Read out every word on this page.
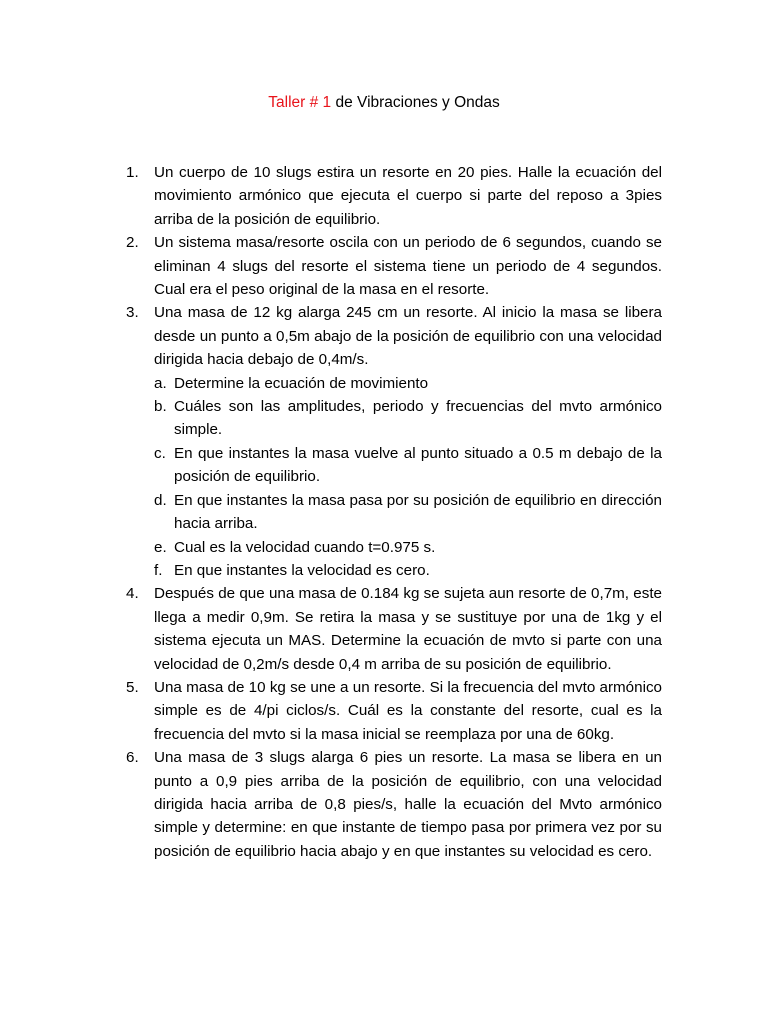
Taller # 1 de Vibraciones y Ondas
1. Un cuerpo de 10 slugs estira un resorte en 20 pies. Halle la ecuación del movimiento armónico que ejecuta el cuerpo si parte del reposo a 3pies arriba de la posición de equilibrio.
2. Un sistema masa/resorte oscila con un periodo de 6 segundos, cuando se eliminan 4 slugs del resorte el sistema tiene un periodo de 4 segundos. Cual era el peso original de la masa en el resorte.
3. Una masa de 12 kg alarga 245 cm un resorte. Al inicio la masa se libera desde un punto a 0,5m abajo de la posición de equilibrio con una velocidad dirigida hacia debajo de 0,4m/s.
a. Determine la ecuación de movimiento
b. Cuáles son las amplitudes, periodo y frecuencias del mvto armónico simple.
c. En que instantes la masa vuelve al punto situado a 0.5 m debajo de la posición de equilibrio.
d. En que instantes la masa pasa por su posición de equilibrio en dirección hacia arriba.
e. Cual es la velocidad cuando t=0.975 s.
f. En que instantes la velocidad es cero.
4. Después de que una masa de 0.184 kg se sujeta aun resorte de 0,7m, este llega a medir 0,9m. Se retira la masa y se sustituye por una de 1kg y el sistema ejecuta un MAS. Determine la ecuación de mvto si parte con una velocidad de 0,2m/s desde 0,4 m arriba de su posición de equilibrio.
5. Una masa de 10 kg se une a un resorte. Si la frecuencia del mvto armónico simple es de 4/pi ciclos/s. Cuál es la constante del resorte, cual es la frecuencia del mvto si la masa inicial se reemplaza por una de 60kg.
6. Una masa de 3 slugs alarga 6 pies un resorte. La masa se libera en un punto a 0,9 pies arriba de la posición de equilibrio, con una velocidad dirigida hacia arriba de 0,8 pies/s, halle la ecuación del Mvto armónico simple y determine: en que instante de tiempo pasa por primera vez por su posición de equilibrio hacia abajo y en que instantes su velocidad es cero.
